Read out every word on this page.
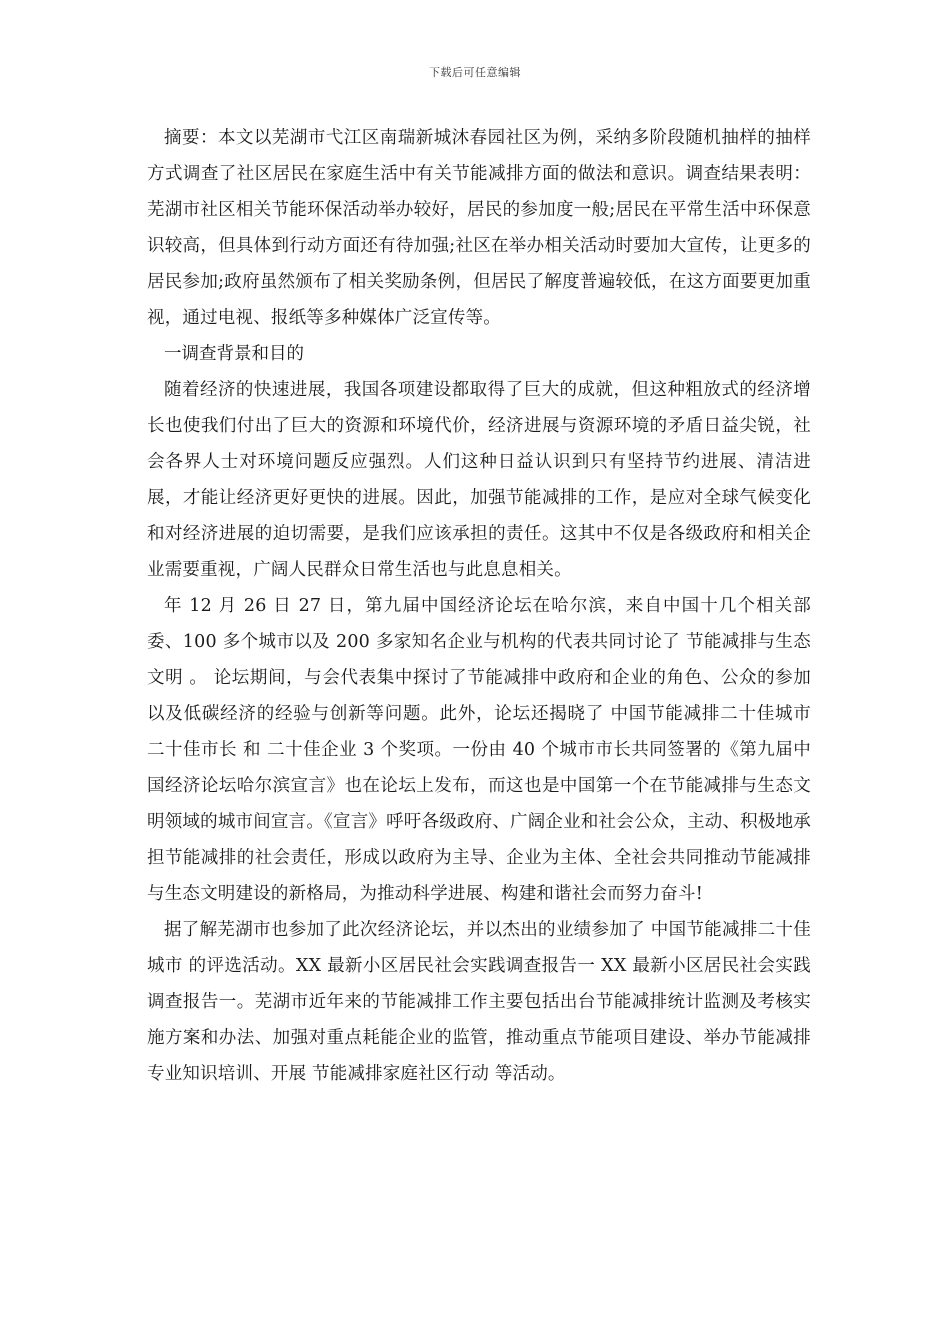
下载后可任意编辑

摘要：本文以芜湖市弋江区南瑞新城沐春园社区为例，采纳多阶段随机抽样的抽样方式调查了社区居民在家庭生活中有关节能减排方面的做法和意识。调查结果表明：芜湖市社区相关节能环保活动举办较好，居民的参加度一般;居民在平常生活中环保意识较高，但具体到行动方面还有待加强;社区在举办相关活动时要加大宣传，让更多的居民参加;政府虽然颁布了相关奖励条例，但居民了解度普遍较低，在这方面要更加重视，通过电视、报纸等多种媒体广泛宣传等。

一调查背景和目的

随着经济的快速进展，我国各项建设都取得了巨大的成就，但这种粗放式的经济增长也使我们付出了巨大的资源和环境代价，经济进展与资源环境的矛盾日益尖锐，社会各界人士对环境问题反应强烈。人们这种日益认识到只有坚持节约进展、清洁进展，才能让经济更好更快的进展。因此，加强节能减排的工作，是应对全球气候变化和对经济进展的迫切需要，是我们应该承担的责任。这其中不仅是各级政府和相关企业需要重视，广阔人民群众日常生活也与此息息相关。

年 12 月 26 日 27 日，第九届中国经济论坛在哈尔滨，来自中国十几个相关部委、100 多个城市以及 200 多家知名企业与机构的代表共同讨论了 节能减排与生态文明 。 论坛期间，与会代表集中探讨了节能减排中政府和企业的角色、公众的参加以及低碳经济的经验与创新等问题。此外，论坛还揭晓了 中国节能减排二十佳城市 二十佳市长 和 二十佳企业 3 个奖项。一份由 40 个城市市长共同签署的《第九届中国经济论坛哈尔滨宣言》也在论坛上发布，而这也是中国第一个在节能减排与生态文明领域的城市间宣言。《宣言》呼吁各级政府、广阔企业和社会公众，主动、积极地承担节能减排的社会责任，形成以政府为主导、企业为主体、全社会共同推动节能减排与生态文明建设的新格局，为推动科学进展、构建和谐社会而努力奋斗!

据了解芜湖市也参加了此次经济论坛，并以杰出的业绩参加了 中国节能减排二十佳城市 的评选活动。XX 最新小区居民社会实践调查报告一 XX 最新小区居民社会实践调查报告一。芜湖市近年来的节能减排工作主要包括出台节能减排统计监测及考核实施方案和办法、加强对重点耗能企业的监管，推动重点节能项目建设、举办节能减排专业知识培训、开展 节能减排家庭社区行动 等活动。
